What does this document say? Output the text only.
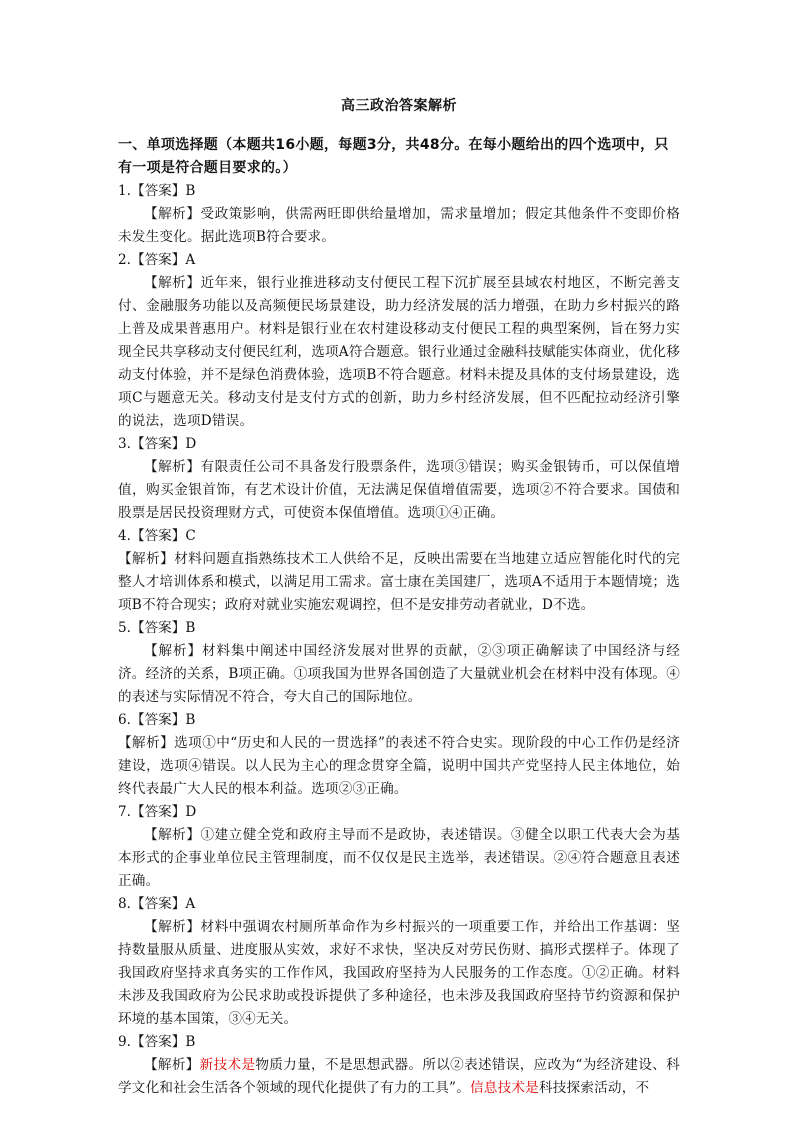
高三政治答案解析
一、单项选择题（本题共16小题，每题3分，共48分。在每小题给出的四个选项中，只有一项是符合题目要求的。）
1.【答案】B
【解析】受政策影响，供需两旺即供给量增加，需求量增加；假定其他条件不变即价格未发生变化。据此选项B符合要求。
2.【答案】A
【解析】近年来，银行业推进移动支付便民工程下沉扩展至县域农村地区，不断完善支付、金融服务功能以及高频便民场景建设，助力经济发展的活力增强，在助力乡村振兴的路上普及成果普惠用户。材料是银行业在农村建设移动支付便民工程的典型案例，旨在努力实现全民共享移动支付便民红利，选项A符合题意。银行业通过金融科技赋能实体商业，优化移动支付体验，并不是绿色消费体验，选项B不符合题意。材料未提及具体的支付场景建设，选项C与题意无关。移动支付是支付方式的创新，助力乡村经济发展，但不匹配拉动经济引擎的说法，选项D错误。
3.【答案】D
【解析】有限责任公司不具备发行股票条件，选项③错误；购买金银铸币，可以保值增值，购买金银首饰，有艺术设计价值，无法满足保值增值需要，选项②不符合要求。国债和股票是居民投资理财方式，可使资本保值增值。选项①④正确。
4.【答案】C
【解析】材料问题直指熟练技术工人供给不足，反映出需要在当地建立适应智能化时代的完整人才培训体系和模式，以满足用工需求。富士康在美国建厂，选项A不适用于本题情境；选项B不符合现实；政府对就业实施宏观调控，但不是安排劳动者就业，D不选。
5.【答案】B
【解析】材料集中阐述中国经济发展对世界的贡献，②③项正确解读了中国经济与经济。经济的关系，B项正确。①项我国为世界各国创造了大量就业机会在材料中没有体现。④的表述与实际情况不符合，夸大自己的国际地位。
6.【答案】B
【解析】选项①中“历史和人民的一贯选择”的表述不符合史实。现阶段的中心工作仍是经济建设，选项④错误。以人民为主心的理念贯穿全篇，说明中国共产党坚持人民主体地位，始终代表最广大人民的根本利益。选项②③正确。
7.【答案】D
【解析】①建立健全党和政府主导而不是政协，表述错误。③健全以职工代表大会为基本形式的企事业单位民主管理制度，而不仅仅是民主选举，表述错误。②④符合题意且表述正确。
8.【答案】A
【解析】材料中强调农村厕所革命作为乡村振兴的一项重要工作，并给出工作基调：坚持数量服从质量、进度服从实效，求好不求快，坚决反对劳民伤财、搞形式摆样子。体现了我国政府坚持求真务实的工作作风，我国政府坚持为人民服务的工作态度。①②正确。材料未涉及我国政府为公民求助或投诉提供了多种途径，也未涉及我国政府坚持节约资源和保护环境的基本国策，③④无关。
9.【答案】B
【解析】新技术是物质力量，不是思想武器。所以②表述错误，应改为“为经济建设、科学文化和社会生活各个领域的现代化提供了有力的工具”。信息技术是科技探索活动，不
